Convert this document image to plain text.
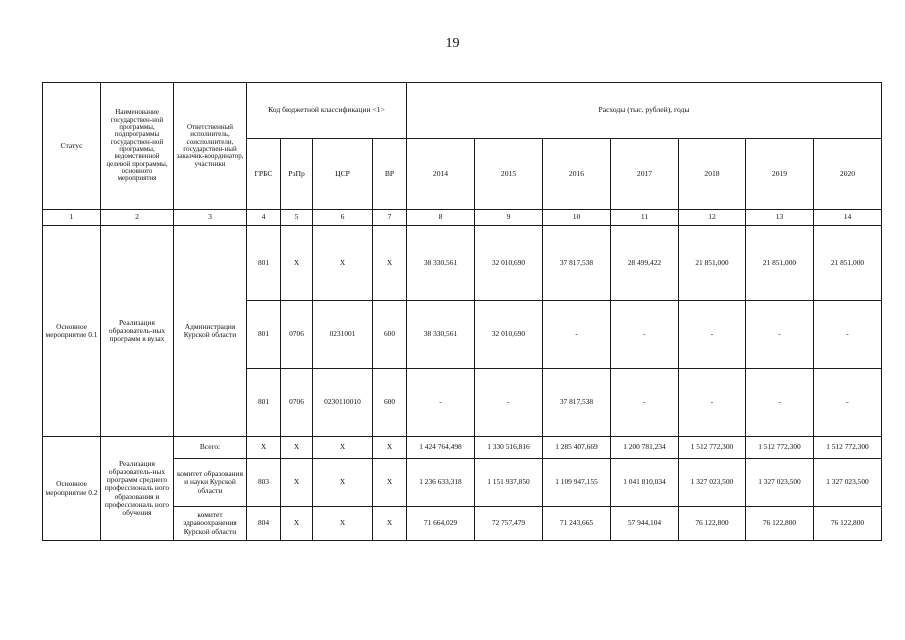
19
Статус	Наименование государствен-ной программы, подпрограммы государствен-ной программы, ведомственной целевой программы, основного мероприятия	Ответственный исполнитель, соисполнители, государствен-ный заказчик-координатор, участники	Код бюджетной классификации <1>				Расходы (тыс. рублей), годы						
			ГРБС	РзПр	ЦСР	ВР	2014	2015	2016	2017	2018	2019	2020
1	2	3	4	5	6	7	8	9	10	11	12	13	14
Основное мероприятие 0.1	Реализация образователь-ных программ в вузах	Администрация Курской области	801	Х	Х	Х	38 330,561	32 010,690	37 817,538	28 499,422	21 851,000	21 851,000	21 851,000
			801	0706	0231001	600	38 330,561	32 010,690	-	-	-	-	-
			801	0706	0230110010	600	-	-	37 817,538	-	-	-	-
Основное мероприятие 0.2	Реализация образователь-ных программ среднего профессиональ ного образования и профессиональ ного обучения	Всего:	Х	Х	Х	Х	1 424 764,498	1 330 516,816	1 285 407,669	1 200 781,234	1 512 772,300	1 512 772,300	1 512 772,300
		комитет образования и науки Курской области	803	Х	Х	Х	1 236 633,318	1 151 937,850	1 109 947,155	1 041 810,034	1 327 023,500	1 327 023,500	1 327 023,500
		комитет здравоохранения Курской области	804	Х	Х	Х	71 664,029	72 757,479	71 243,665	57 944,104	76 122,800	76 122,800	76 122,800
